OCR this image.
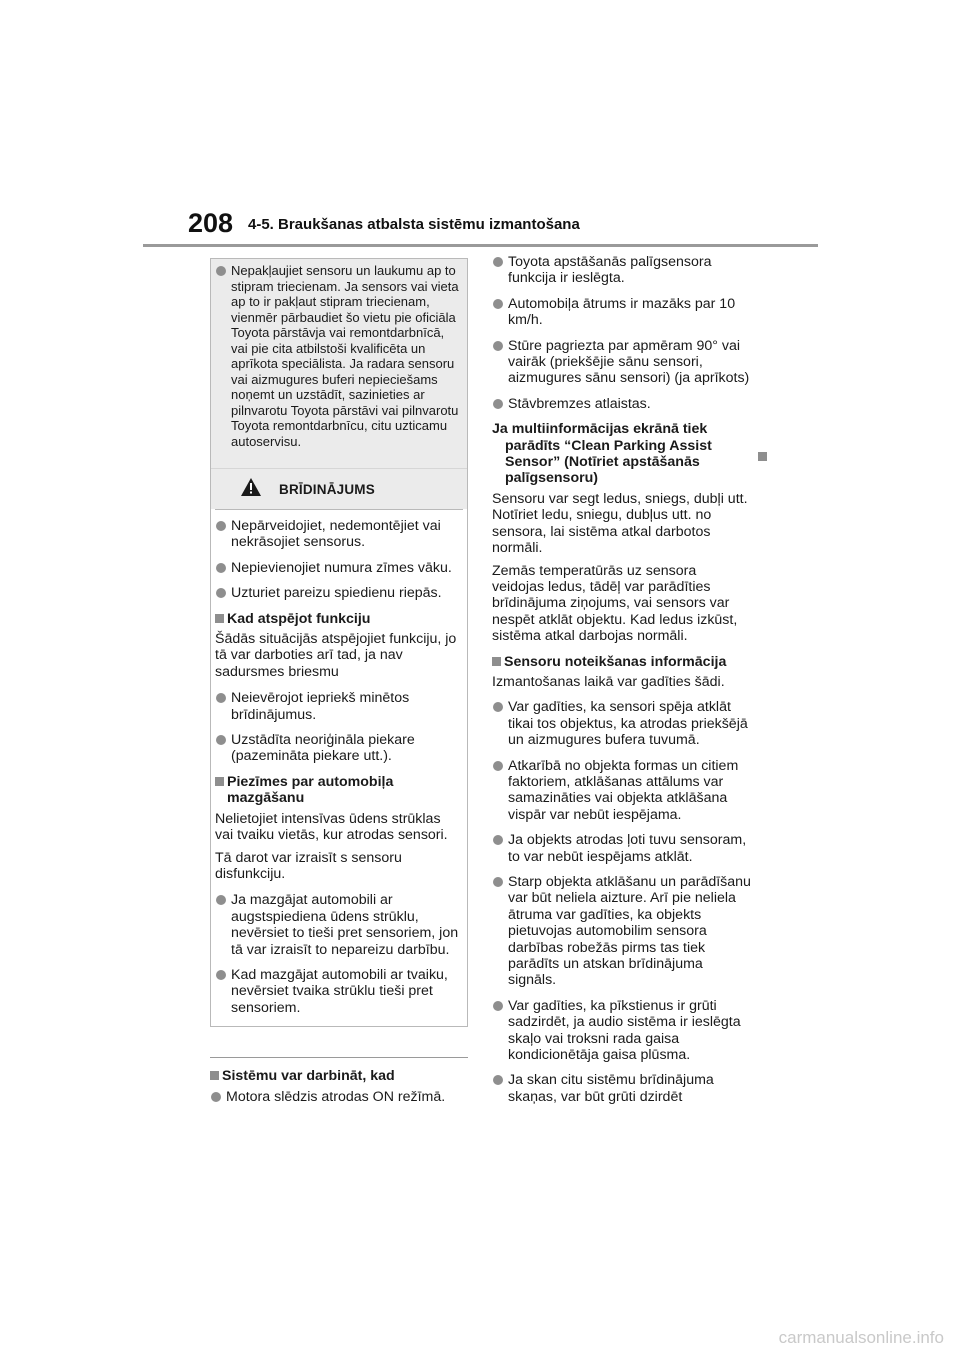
208 4-5. Braukšanas atbalsta sistēmu izmantošana
Nepakļaujiet sensoru un laukumu ap to stipram triecienam. Ja sensors vai vieta ap to ir pakļaut stipram triecienam, vienmēr pārbaudiet šo vietu pie oficiāla Toyota pārstāvja vai remontdarbnīcā, vai pie cita atbilstoši kvalificēta un aprīkota speciālista. Ja radara sensoru vai aizmugures buferi nepieciešams noņemt un uzstādīt, sazinieties ar pilnvarotu Toyota pārstāvi vai pilnvarotu Toyota remontdarbnīcu, citu uzticamu autoservisu.
BRĪDINĀJUMS
Nepārveidojiet, nedemontējiet vai nekrāsojiet sensorus.
Nepievienojiet numura zīmes vāku.
Uzturiet pareizu spiedienu riepās.
Kad atspējot funkciju
Šādās situācijās atspējojiet funkciju, jo tā var darboties arī tad, ja nav sadursmes briesmu
Neievērojot iepriekš minētos brīdinājumus.
Uzstādīta neoriģināla piekare (pazemināta piekare utt.).
Piezīmes par automobiļa mazgāšanu
Nelietojiet intensīvas ūdens strūklas vai tvaiku vietās, kur atrodas sensori.
Tā darot var izraisīt s sensoru disfunkciju.
Ja mazgājat automobili ar augstspiediena ūdens strūklu, nevērsiet to tieši pret sensoriem, jon tā var izraisīt to nepareizu darbību.
Kad mazgājat automobili ar tvaiku, nevērsiet tvaika strūklu tieši pret sensoriem.
Sistēmu var darbināt, kad
Motora slēdzis atrodas ON režīmā.
Toyota apstāšanās palīgsensora funkcija ir ieslēgta.
Automobiļa ātrums ir mazāks par 10 km/h.
Stūre pagriezta par apmēram 90° vai vairāk (priekšējie sānu sensori, aizmugures sānu sensori) (ja aprīkots)
Stāvbremzes atlaistas.
Ja multiinformācijas ekrānā tiek parādīts “Clean Parking Assist Sensor” (Notīriet apstāšanās palīgsensoru)
Sensoru var segt ledus, sniegs, dubļi utt. Notīriet ledu, sniegu, dubļus utt. no sensora, lai sistēma atkal darbotos normāli.
Zemās temperatūrās uz sensora veidojas ledus, tādēļ var parādīties brīdinājuma ziņojums, vai sensors var nespēt atklāt objektu. Kad ledus izkūst, sistēma atkal darbojas normāli.
Sensoru noteikšanas informācija
Izmantošanas laikā var gadīties šādi.
Var gadīties, ka sensori spēja atklāt tikai tos objektus, ka atrodas priekšējā un aizmugures bufera tuvumā.
Atkarībā no objekta formas un citiem faktoriem, atklāšanas attālums var samazināties vai objekta atklāšana vispār var nebūt iespējama.
Ja objekts atrodas ļoti tuvu sensoram, to var nebūt iespējams atklāt.
Starp objekta atklāšanu un parādīšanu var būt neliela aizture. Arī pie neliela ātruma var gadīties, ka objekts pietuvojas automobilim sensora darbības robežās pirms tas tiek parādīts un atskan brīdinājuma signāls.
Var gadīties, ka pīkstienus ir grūti sadzirdēt, ja audio sistēma ir ieslēgta skaļo vai troksni rada gaisa kondicionētāja gaisa plūsma.
Ja skan citu sistēmu brīdinājuma skaņas, var būt grūti dzirdēt
carmanualsonline.info
